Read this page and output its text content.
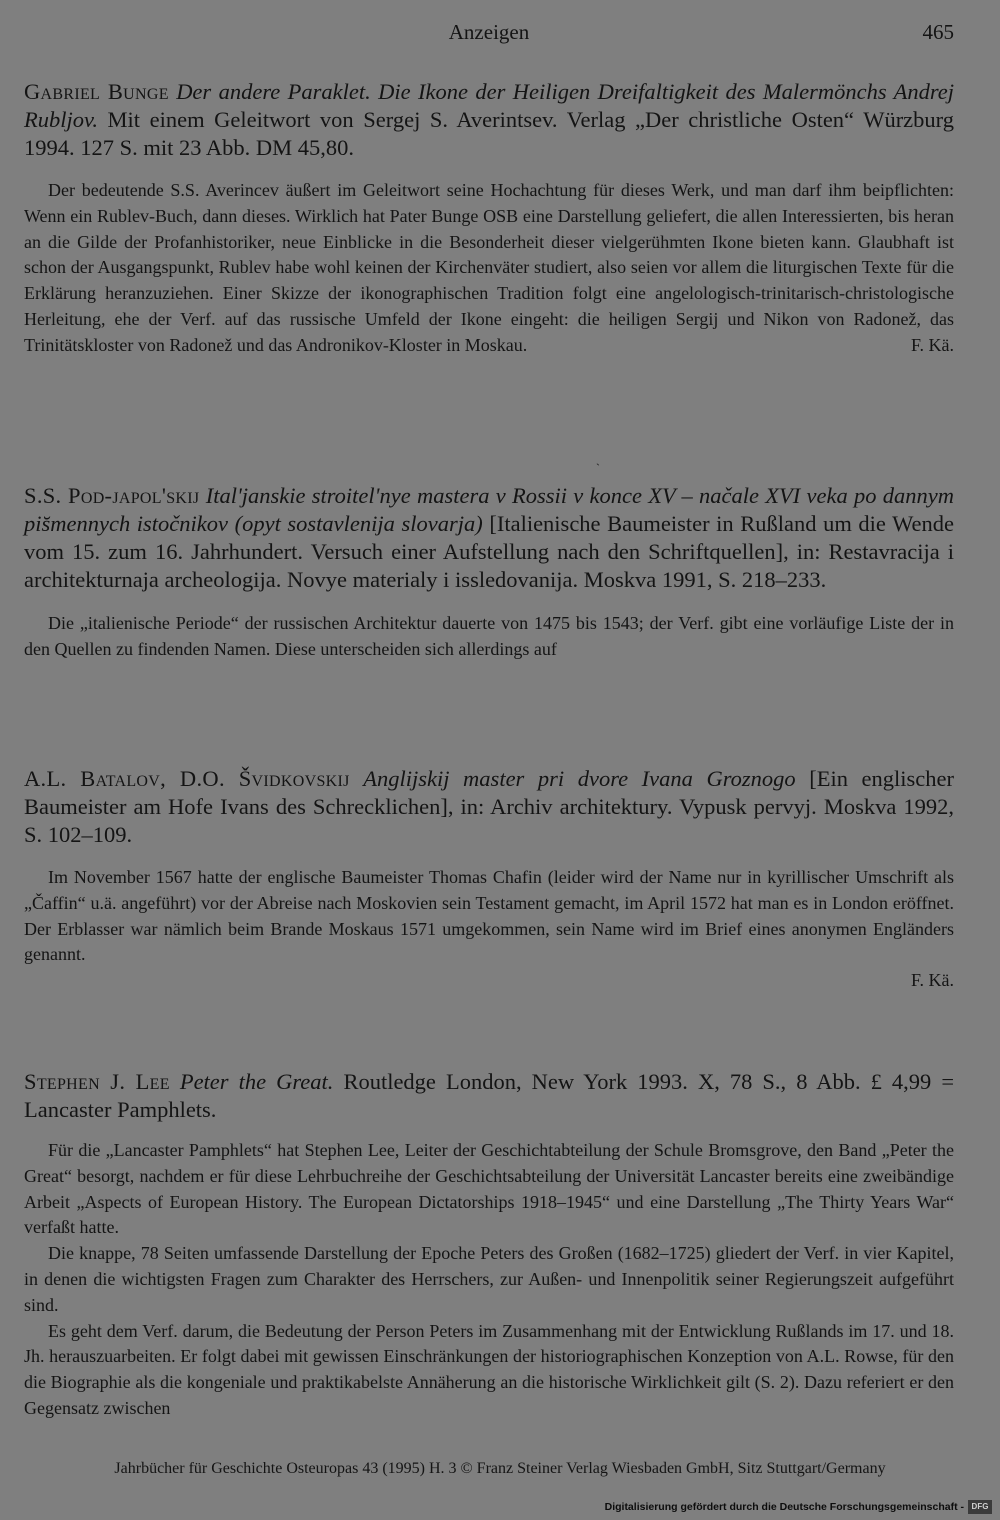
Anzeigen	465

Gabriel Bunge Der andere Paraklet. Die Ikone der Heiligen Dreifaltigkeit des Malermönchs Andrej Rubljov. Mit einem Geleitwort von Sergej S. Averintsev. Verlag „Der christliche Osten“ Würzburg 1994. 127 S. mit 23 Abb. DM 45,80.

Der bedeutende S.S. Averincev äußert im Geleitwort seine Hochachtung für dieses Werk, und man darf ihm beipflichten: Wenn ein Rublev-Buch, dann dieses. Wirklich hat Pater Bunge OSB eine Darstellung geliefert, die allen Interessierten, bis heran an die Gilde der Profanhistoriker, neue Einblicke in die Besonderheit dieser vielgerühmten Ikone bieten kann. Glaubhaft ist schon der Ausgangspunkt, Rublev habe wohl keinen der Kirchenväter studiert, also seien vor allem die liturgischen Texte für die Erklärung heranzuziehen. Einer Skizze der ikonographischen Tradition folgt eine angelologisch-trinitarisch-christologische Herleitung, ehe der Verf. auf das russische Umfeld der Ikone eingeht: die heiligen Sergij und Nikon von Radonež, das Trinitätskloster von Radonež und das Andronikov-Kloster in Moskau.	F. Kä.

ˎ

S.S. Pod-japol'skij Ital'janskie stroitel'nye mastera v Rossii v konce XV – načale XVI veka po dannym pis̆mennych istočnikov (opyt sostavlenija slovarja) [Italienische Baumeister in Rußland um die Wende vom 15. zum 16. Jahrhundert. Versuch einer Aufstellung nach den Schriftquellen], in: Restavracija i architekturnaja archeologija. Novye materialy i issledovanija. Moskva 1991, S. 218–233.

Die „italienische Periode“ der russischen Architektur dauerte von 1475 bis 1543; der Verf. gibt eine vorläufige Liste der in den Quellen zu findenden Namen. Diese unterscheiden sich allerdings auf

A.L. Batalov, D.O. Švidkovskij Anglijskij master pri dvore Ivana Groznogo [Ein englischer Baumeister am Hofe Ivans des Schrecklichen], in: Archiv architektury. Vypusk pervyj. Moskva 1992, S. 102–109.

Im November 1567 hatte der englische Baumeister Thomas Chafin (leider wird der Name nur in kyrillischer Umschrift als „Čaffin“ u.ä. angeführt) vor der Abreise nach Moskovien sein Testament gemacht, im April 1572 hat man es in London eröffnet. Der Erblasser war nämlich beim Brande Moskaus 1571 umgekommen, sein Name wird im Brief eines anonymen Engländers genannt.

F. Kä.

Stephen J. Lee Peter the Great. Routledge London, New York 1993. X, 78 S., 8 Abb. £ 4,99 = Lancaster Pamphlets.

Für die „Lancaster Pamphlets“ hat Stephen Lee, Leiter der Geschichtabteilung der Schule Bromsgrove, den Band „Peter the Great“ besorgt, nachdem er für diese Lehrbuchreihe der Geschichtsabteilung der Universität Lancaster bereits eine zweibändige Arbeit „Aspects of European History. The European Dictatorships 1918–1945“ und eine Darstellung „The Thirty Years War“ verfaßt hatte.

Die knappe, 78 Seiten umfassende Darstellung der Epoche Peters des Großen (1682–1725) gliedert der Verf. in vier Kapitel, in denen die wichtigsten Fragen zum Charakter des Herrschers, zur Außen- und Innenpolitik seiner Regierungszeit aufgeführt sind.

Es geht dem Verf. darum, die Bedeutung der Person Peters im Zusammenhang mit der Entwicklung Rußlands im 17. und 18. Jh. herauszuarbeiten. Er folgt dabei mit gewissen Einschränkungen der historiographischen Konzeption von A.L. Rowse, für den die Biographie als die kongeniale und praktikabelste Annäherung an die historische Wirklichkeit gilt (S. 2). Dazu referiert er den Gegensatz zwischen

Jahrbücher für Geschichte Osteuropas 43 (1995) H. 3 © Franz Steiner Verlag Wiesbaden GmbH, Sitz Stuttgart/Germany
Digitalisierung gefördert durch die Deutsche Forschungsgemeinschaft - DFG
